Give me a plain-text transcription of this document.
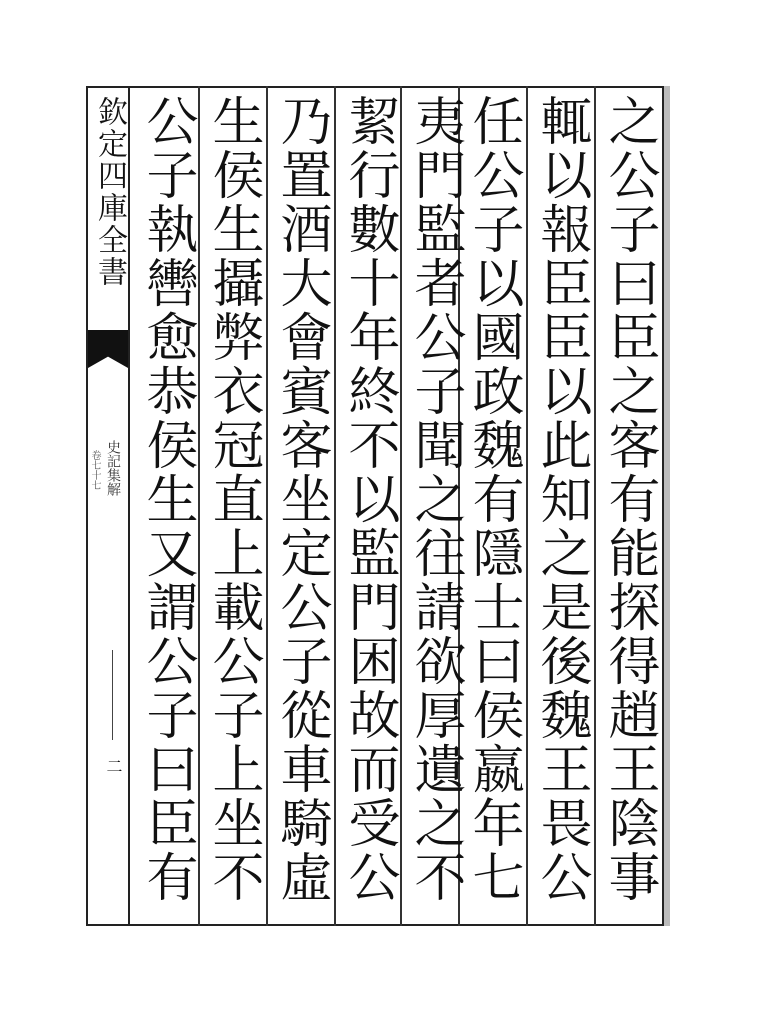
欽定四庫全書
史記集解
卷七十七
二
之公子曰臣之客有能探得趙王陰事
輒以報臣臣以此知之是後魏王畏公
任公子以國政魏有隱士曰侯嬴年七
夷門監者公子聞之往請欲厚遺之不
絜行數十年終不以監門困故而受公
乃置酒大會賓客坐定公子從車騎虛
生侯生攝弊衣冠直上載公子上坐不
公子執轡愈恭侯生又謂公子曰臣有
